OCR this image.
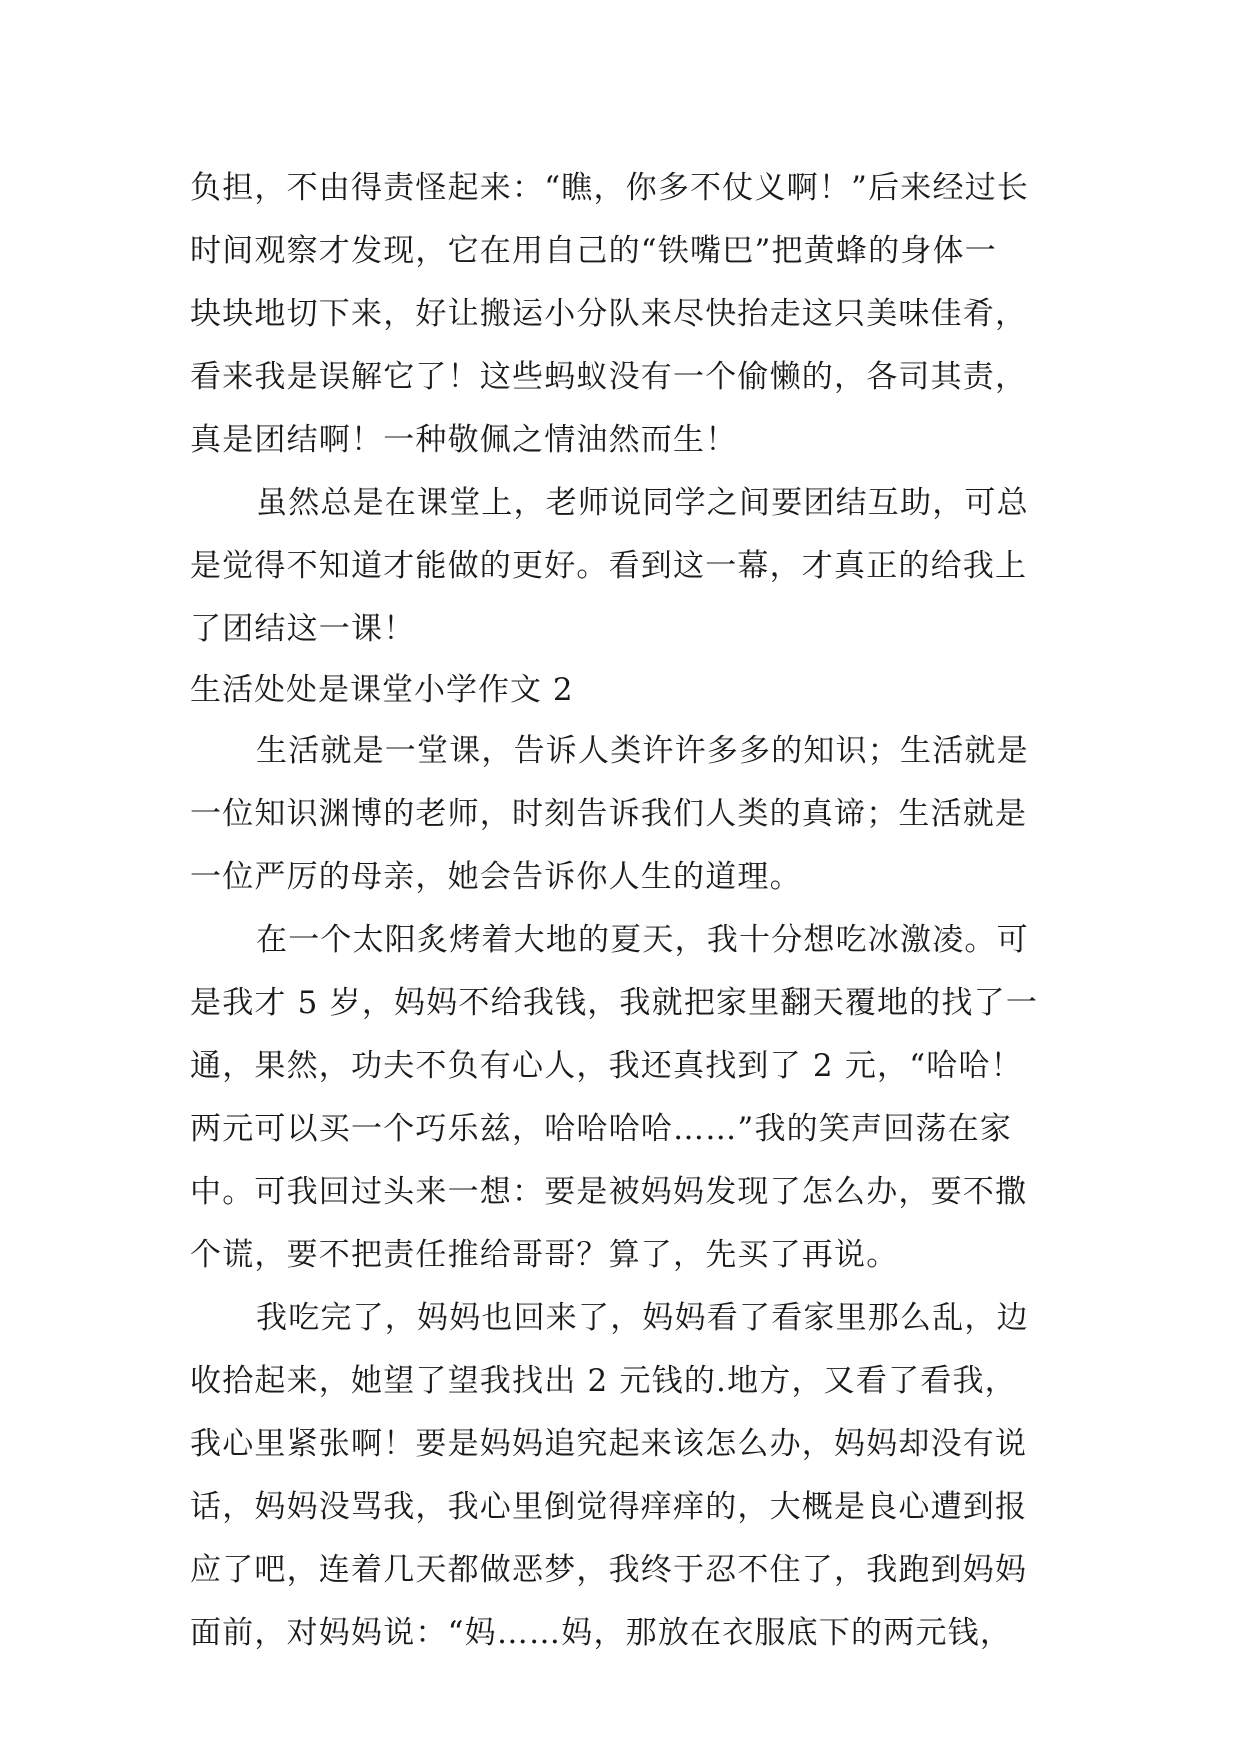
负担，不由得责怪起来：“瞧，你多不仗义啊！”后来经过长
时间观察才发现，它在用自己的“铁嘴巴”把黄蜂的身体一
块块地切下来，好让搬运小分队来尽快抬走这只美味佳肴，
看来我是误解它了！这些蚂蚁没有一个偷懒的，各司其责，
真是团结啊！一种敬佩之情油然而生！
虽然总是在课堂上，老师说同学之间要团结互助，可总
是觉得不知道才能做的更好。看到这一幕，才真正的给我上
了团结这一课！
生活处处是课堂小学作文 2
生活就是一堂课，告诉人类许许多多的知识；生活就是
一位知识渊博的老师，时刻告诉我们人类的真谛；生活就是
一位严厉的母亲，她会告诉你人生的道理。
在一个太阳炙烤着大地的夏天，我十分想吃冰激凌。可
是我才 5 岁，妈妈不给我钱，我就把家里翻天覆地的找了一
通，果然，功夫不负有心人，我还真找到了 2 元，“哈哈！
两元可以买一个巧乐兹，哈哈哈哈……”我的笑声回荡在家
中。可我回过头来一想：要是被妈妈发现了怎么办，要不撒
个谎，要不把责任推给哥哥？算了，先买了再说。
我吃完了，妈妈也回来了，妈妈看了看家里那么乱，边
收拾起来，她望了望我找出 2 元钱的.地方，又看了看我，
我心里紧张啊！要是妈妈追究起来该怎么办，妈妈却没有说
话，妈妈没骂我，我心里倒觉得痒痒的，大概是良心遭到报
应了吧，连着几天都做恶梦，我终于忍不住了，我跑到妈妈
面前，对妈妈说：“妈……妈，那放在衣服底下的两元钱，
